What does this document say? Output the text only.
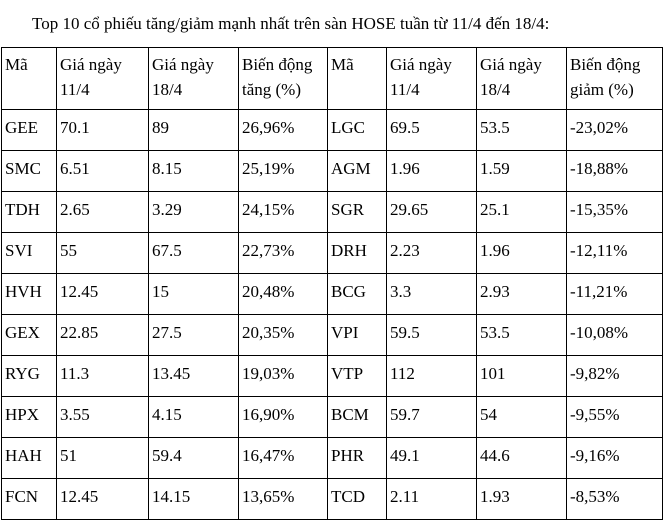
Top 10 cổ phiếu tăng/giảm mạnh nhất trên sàn HOSE tuần từ 11/4 đến 18/4:
Mã	Giá ngày 11/4	Giá ngày 18/4	Biến động tăng (%)	Mã	Giá ngày 11/4	Giá ngày 18/4	Biến động giảm (%)
GEE	70.1	89	26,96%	LGC	69.5	53.5	-23,02%
SMC	6.51	8.15	25,19%	AGM	1.96	1.59	-18,88%
TDH	2.65	3.29	24,15%	SGR	29.65	25.1	-15,35%
SVI	55	67.5	22,73%	DRH	2.23	1.96	-12,11%
HVH	12.45	15	20,48%	BCG	3.3	2.93	-11,21%
GEX	22.85	27.5	20,35%	VPI	59.5	53.5	-10,08%
RYG	11.3	13.45	19,03%	VTP	112	101	-9,82%
HPX	3.55	4.15	16,90%	BCM	59.7	54	-9,55%
HAH	51	59.4	16,47%	PHR	49.1	44.6	-9,16%
FCN	12.45	14.15	13,65%	TCD	2.11	1.93	-8,53%
